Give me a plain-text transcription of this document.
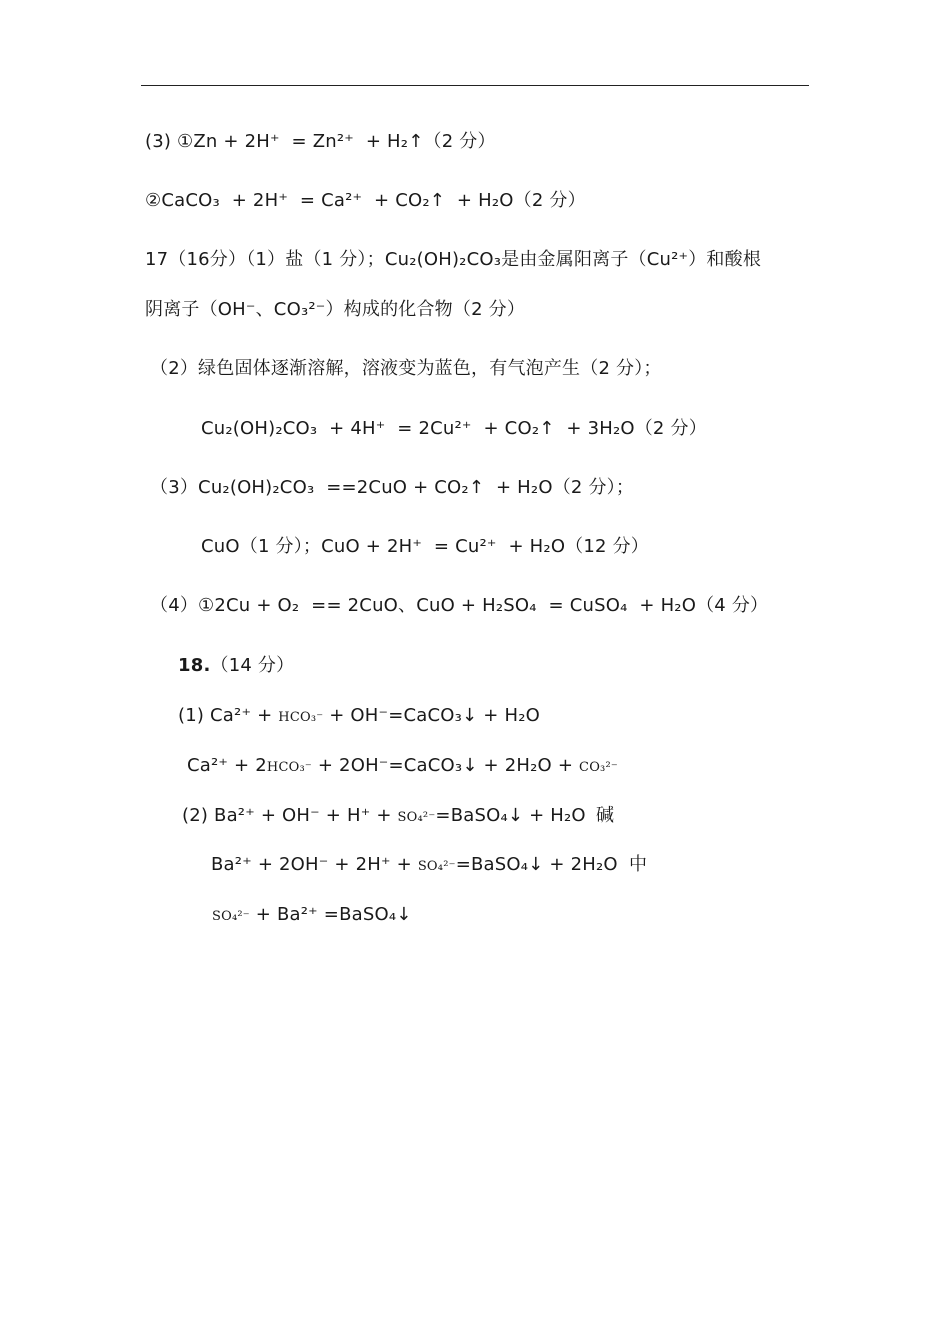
(3) ①Zn + 2H⁺  = Zn²⁺  + H₂↑（2 分）
②CaCO₃  + 2H⁺  = Ca²⁺  + CO₂↑  + H₂O（2 分）
17（16分）（1）盐（1 分）；Cu₂(OH)₂CO₃是由金属阳离子（Cu²⁺）和酸根
阴离子（OH⁻、CO₃²⁻）构成的化合物（2 分）
（2）绿色固体逐渐溶解，溶液变为蓝色，有气泡产生（2 分）；
Cu₂(OH)₂CO₃  + 4H⁺  = 2Cu²⁺  + CO₂↑  + 3H₂O（2 分）
（3）Cu₂(OH)₂CO₃  ==2CuO + CO₂↑  + H₂O（2 分）；
CuO（1 分）；CuO + 2H⁺  = Cu²⁺  + H₂O（12 分）
（4）①2Cu + O₂  == 2CuO、CuO + H₂SO₄  = CuSO₄  + H₂O（4 分）
18.（14 分）
(1) Ca²⁺ + HCO₃⁻ + OH⁻=CaCO₃↓ + H₂O
Ca²⁺ + 2HCO₃⁻ + 2OH⁻=CaCO₃↓ + 2H₂O + CO₃²⁻
(2) Ba²⁺ + OH⁻ + H⁺ + SO₄²⁻=BaSO₄↓ + H₂O 碱
Ba²⁺ + 2OH⁻ + 2H⁺ + SO₄²⁻=BaSO₄↓ + 2H₂O 中
SO₄²⁻ + Ba²⁺ =BaSO₄↓
